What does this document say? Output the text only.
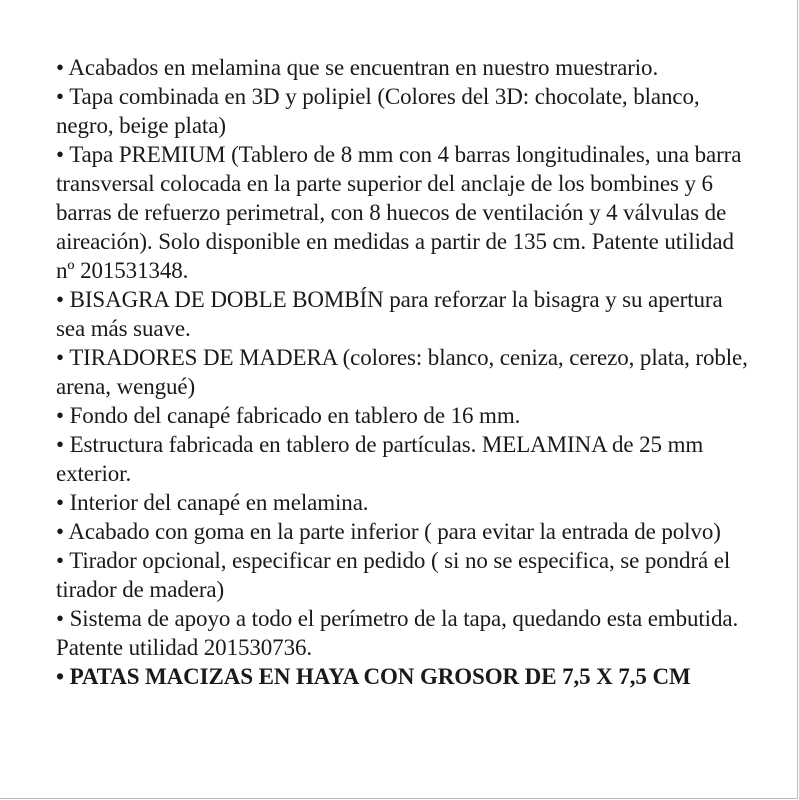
• Acabados en melamina que se encuentran en nuestro muestrario.

• Tapa combinada en 3D y polipiel (Colores del 3D: chocolate, blanco, negro, beige plata)

• Tapa PREMIUM (Tablero de 8 mm con 4 barras longitudinales, una barra transversal colocada en la parte superior del anclaje de los bombines y 6 barras de refuerzo perimetral, con 8 huecos de ventilación y 4 válvulas de aireación). Solo disponible en medidas a partir de 135 cm. Patente utilidad nº 201531348.

• BISAGRA DE DOBLE BOMBÍN para reforzar la bisagra y su apertura sea más suave.

• TIRADORES DE MADERA (colores: blanco, ceniza, cerezo, plata, roble, arena, wengué)

• Fondo del canapé fabricado en tablero de 16 mm.

• Estructura fabricada en tablero de partículas. MELAMINA de 25 mm exterior.

• Interior del canapé en melamina.

• Acabado con goma en la parte inferior ( para evitar la entrada de polvo)

• Tirador opcional, especificar en pedido ( si no se especifica, se pondrá el tirador de madera)

• Sistema de apoyo a todo el perímetro de la tapa, quedando esta embutida. Patente utilidad 201530736.

• PATAS MACIZAS EN HAYA CON GROSOR DE 7,5 X 7,5 CM
